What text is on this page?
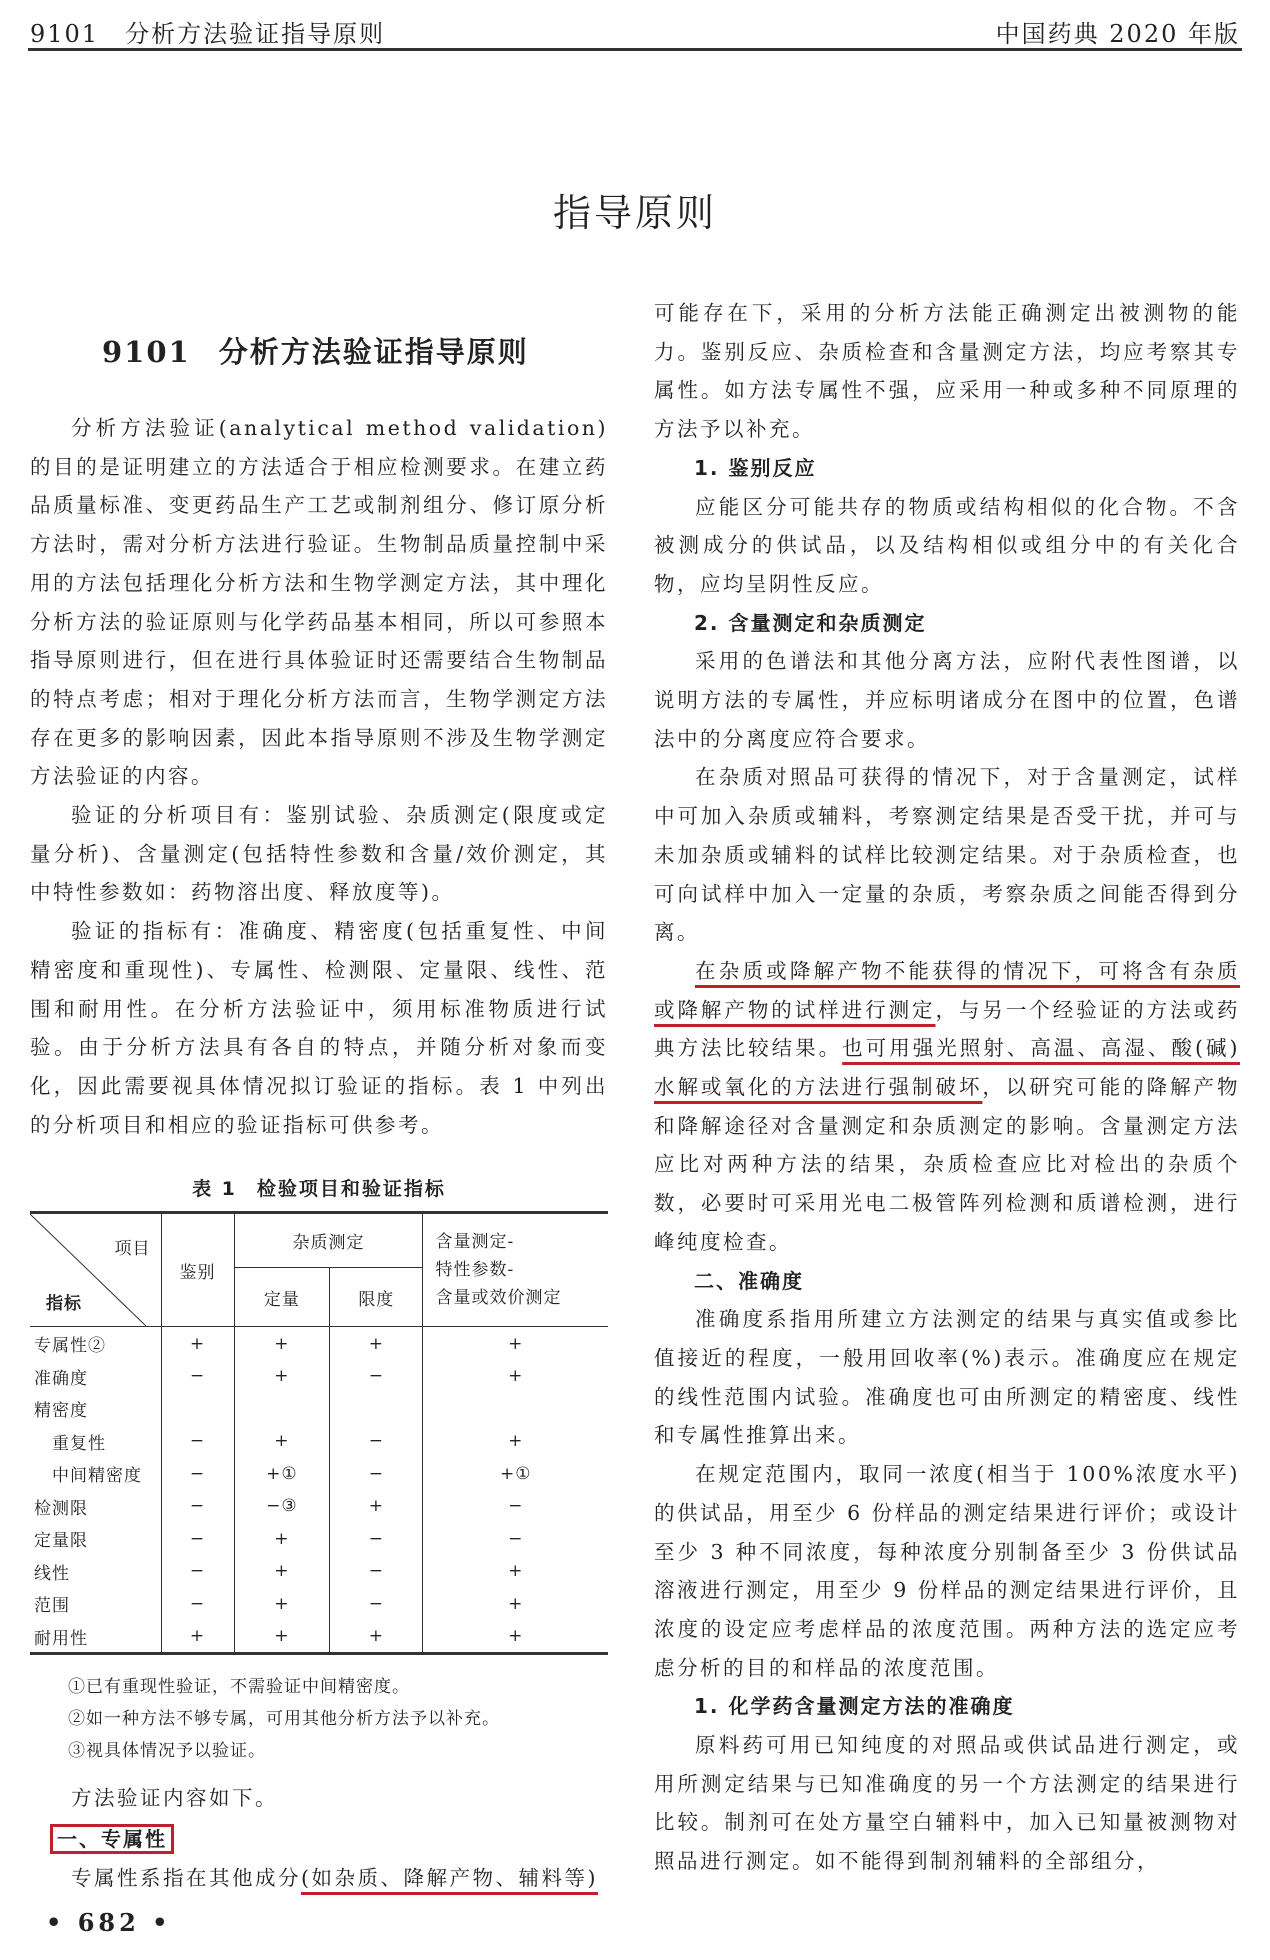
9101 分析方法验证指导原则	中国药典 2020 年版
指导原则
9101 分析方法验证指导原则

分析方法验证(analytical method validation)的目的是证明建立的方法适合于相应检测要求。在建立药品质量标准、变更药品生产工艺或制剂组分、修订原分析方法时，需对分析方法进行验证。生物制品质量控制中采用的方法包括理化分析方法和生物学测定方法，其中理化分析方法的验证原则与化学药品基本相同，所以可参照本指导原则进行，但在进行具体验证时还需要结合生物制品的特点考虑；相对于理化分析方法而言，生物学测定方法存在更多的影响因素，因此本指导原则不涉及生物学测定方法验证的内容。

验证的分析项目有：鉴别试验、杂质测定(限度或定量分析)、含量测定(包括特性参数和含量/效价测定，其中特性参数如：药物溶出度、释放度等)。

验证的指标有：准确度、精密度(包括重复性、中间精密度和重现性)、专属性、检测限、定量限、线性、范围和耐用性。在分析方法验证中，须用标准物质进行试验。由于分析方法具有各自的特点，并随分析对象而变化，因此需要视具体情况拟订验证的指标。表 1 中列出的分析项目和相应的验证指标可供参考。

表 1 检验项目和验证指标
项目
指标	鉴别	杂质测定		含量测定-
特性参数-
含量或效价测定
		定量	限度	
专属性②	+	+	+	+
准确度	−	+	−	+
精密度				
重复性	−	+	−	+
中间精密度	−	+①	−	+①
检测限	−	−③	+	−
定量限	−	+	−	−
线性	−	+	−	+
范围	−	+	−	+
耐用性	+	+	+	+
①已有重现性验证，不需验证中间精密度。
②如一种方法不够专属，可用其他分析方法予以补充。
③视具体情况予以验证。

方法验证内容如下。

一、专属性

专属性系指在其他成分(如杂质、降解产物、辅料等)

可能存在下，采用的分析方法能正确测定出被测物的能力。鉴别反应、杂质检查和含量测定方法，均应考察其专属性。如方法专属性不强，应采用一种或多种不同原理的方法予以补充。

1. 鉴别反应

应能区分可能共存的物质或结构相似的化合物。不含被测成分的供试品，以及结构相似或组分中的有关化合物，应均呈阴性反应。

2. 含量测定和杂质测定

采用的色谱法和其他分离方法，应附代表性图谱，以说明方法的专属性，并应标明诸成分在图中的位置，色谱法中的分离度应符合要求。

在杂质对照品可获得的情况下，对于含量测定，试样中可加入杂质或辅料，考察测定结果是否受干扰，并可与未加杂质或辅料的试样比较测定结果。对于杂质检查，也可向试样中加入一定量的杂质，考察杂质之间能否得到分离。

在杂质或降解产物不能获得的情况下，可将含有杂质或降解产物的试样进行测定，与另一个经验证的方法或药典方法比较结果。也可用强光照射、高温、高湿、酸(碱)水解或氧化的方法进行强制破坏，以研究可能的降解产物和降解途径对含量测定和杂质测定的影响。含量测定方法应比对两种方法的结果，杂质检查应比对检出的杂质个数，必要时可采用光电二极管阵列检测和质谱检测，进行峰纯度检查。

二、准确度

准确度系指用所建立方法测定的结果与真实值或参比值接近的程度，一般用回收率(%)表示。准确度应在规定的线性范围内试验。准确度也可由所测定的精密度、线性和专属性推算出来。

在规定范围内，取同一浓度(相当于 100%浓度水平)的供试品，用至少 6 份样品的测定结果进行评价；或设计至少 3 种不同浓度，每种浓度分别制备至少 3 份供试品溶液进行测定，用至少 9 份样品的测定结果进行评价，且浓度的设定应考虑样品的浓度范围。两种方法的选定应考虑分析的目的和样品的浓度范围。

1. 化学药含量测定方法的准确度

原料药可用已知纯度的对照品或供试品进行测定，或用所测定结果与已知准确度的另一个方法测定的结果进行比较。制剂可在处方量空白辅料中，加入已知量被测物对照品进行测定。如不能得到制剂辅料的全部组分，

• 682 •
